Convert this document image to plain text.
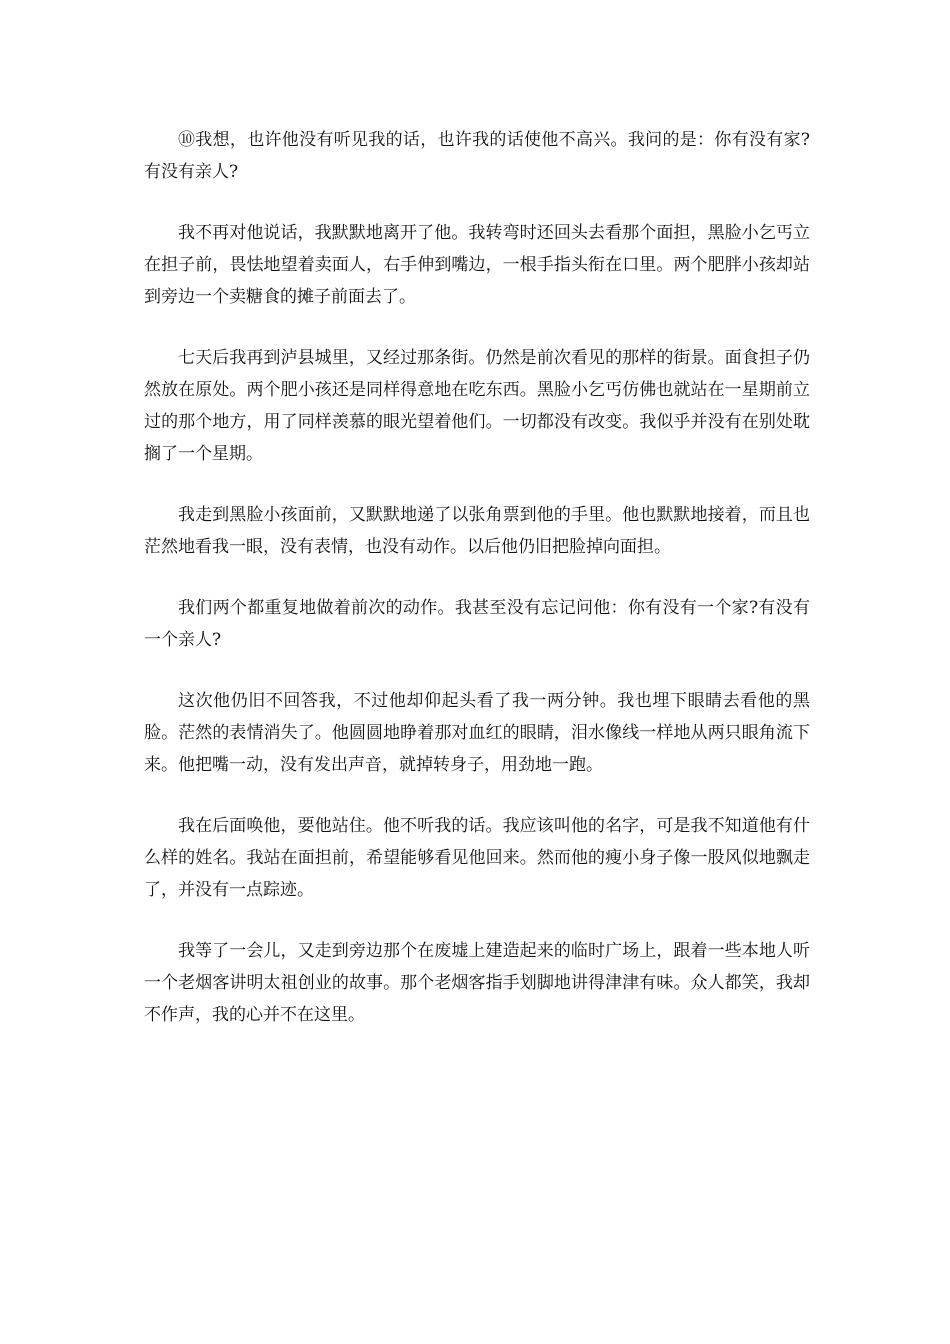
⑩我想，也许他没有听见我的话，也许我的话使他不高兴。我问的是：你有没有家?有没有亲人?

我不再对他说话，我默默地离开了他。我转弯时还回头去看那个面担，黑脸小乞丐立在担子前，畏怯地望着卖面人，右手伸到嘴边，一根手指头衔在口里。两个肥胖小孩却站到旁边一个卖糖食的摊子前面去了。

七天后我再到泸县城里，又经过那条街。仍然是前次看见的那样的街景。面食担子仍然放在原处。两个肥小孩还是同样得意地在吃东西。黑脸小乞丐仿佛也就站在一星期前立过的那个地方，用了同样羡慕的眼光望着他们。一切都没有改变。我似乎并没有在别处耽搁了一个星期。

我走到黑脸小孩面前，又默默地递了以张角票到他的手里。他也默默地接着，而且也茫然地看我一眼，没有表情，也没有动作。以后他仍旧把脸掉向面担。

我们两个都重复地做着前次的动作。我甚至没有忘记问他：你有没有一个家?有没有一个亲人?

这次他仍旧不回答我，不过他却仰起头看了我一两分钟。我也埋下眼睛去看他的黑脸。茫然的表情消失了。他圆圆地睁着那对血红的眼睛，泪水像线一样地从两只眼角流下来。他把嘴一动，没有发出声音，就掉转身子，用劲地一跑。

我在后面唤他，要他站住。他不听我的话。我应该叫他的名字，可是我不知道他有什么样的姓名。我站在面担前，希望能够看见他回来。然而他的瘦小身子像一股风似地飘走了，并没有一点踪迹。

我等了一会儿，又走到旁边那个在废墟上建造起来的临时广场上，跟着一些本地人听一个老烟客讲明太祖创业的故事。那个老烟客指手划脚地讲得津津有味。众人都笑，我却不作声，我的心并不在这里。
